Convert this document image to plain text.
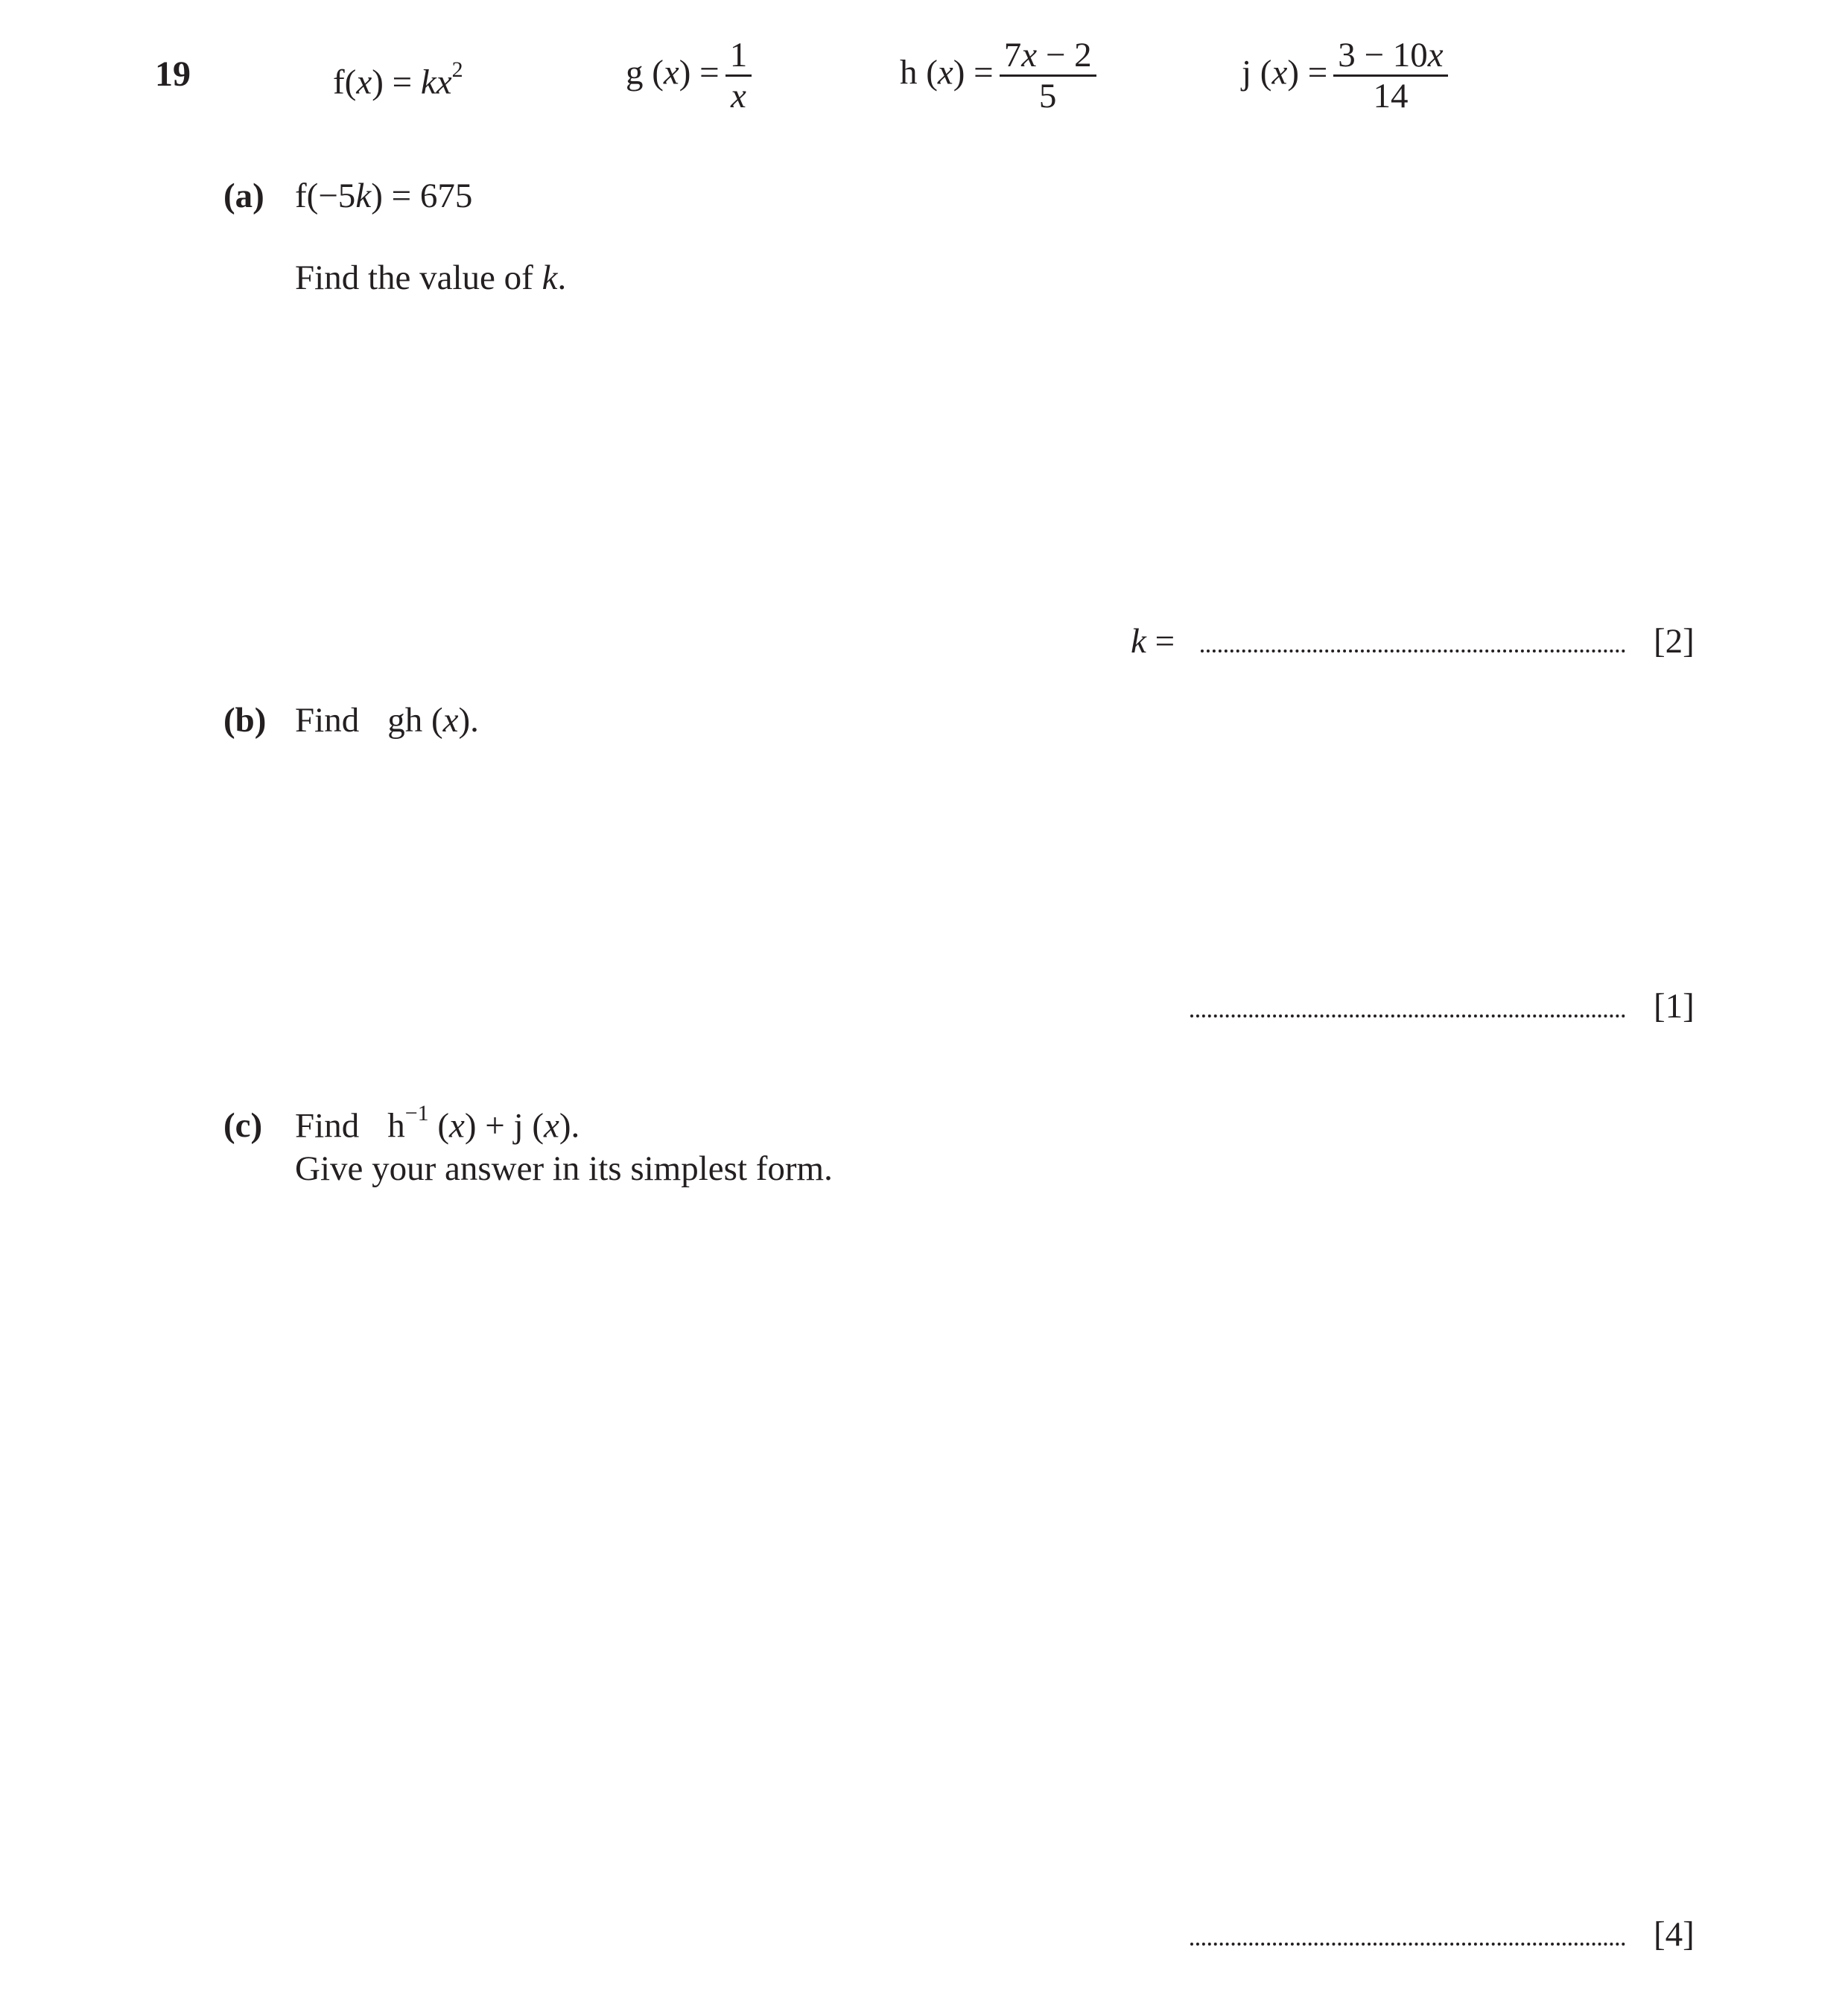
19	$f(x) = kx^2$	g $(x) = \frac{1}{x}$	h $(x) = \frac{7x - 2}{5}$	j $(x) = \frac{3 - 10x}{14}$
(a) f(−5k) = 675
Find the value of k.
k =	[2]
(b) Find gh (x).
[1]
(c) Find $h^{-1}$ (x) + j (x).
Give your answer in its simplest form.
[4]
